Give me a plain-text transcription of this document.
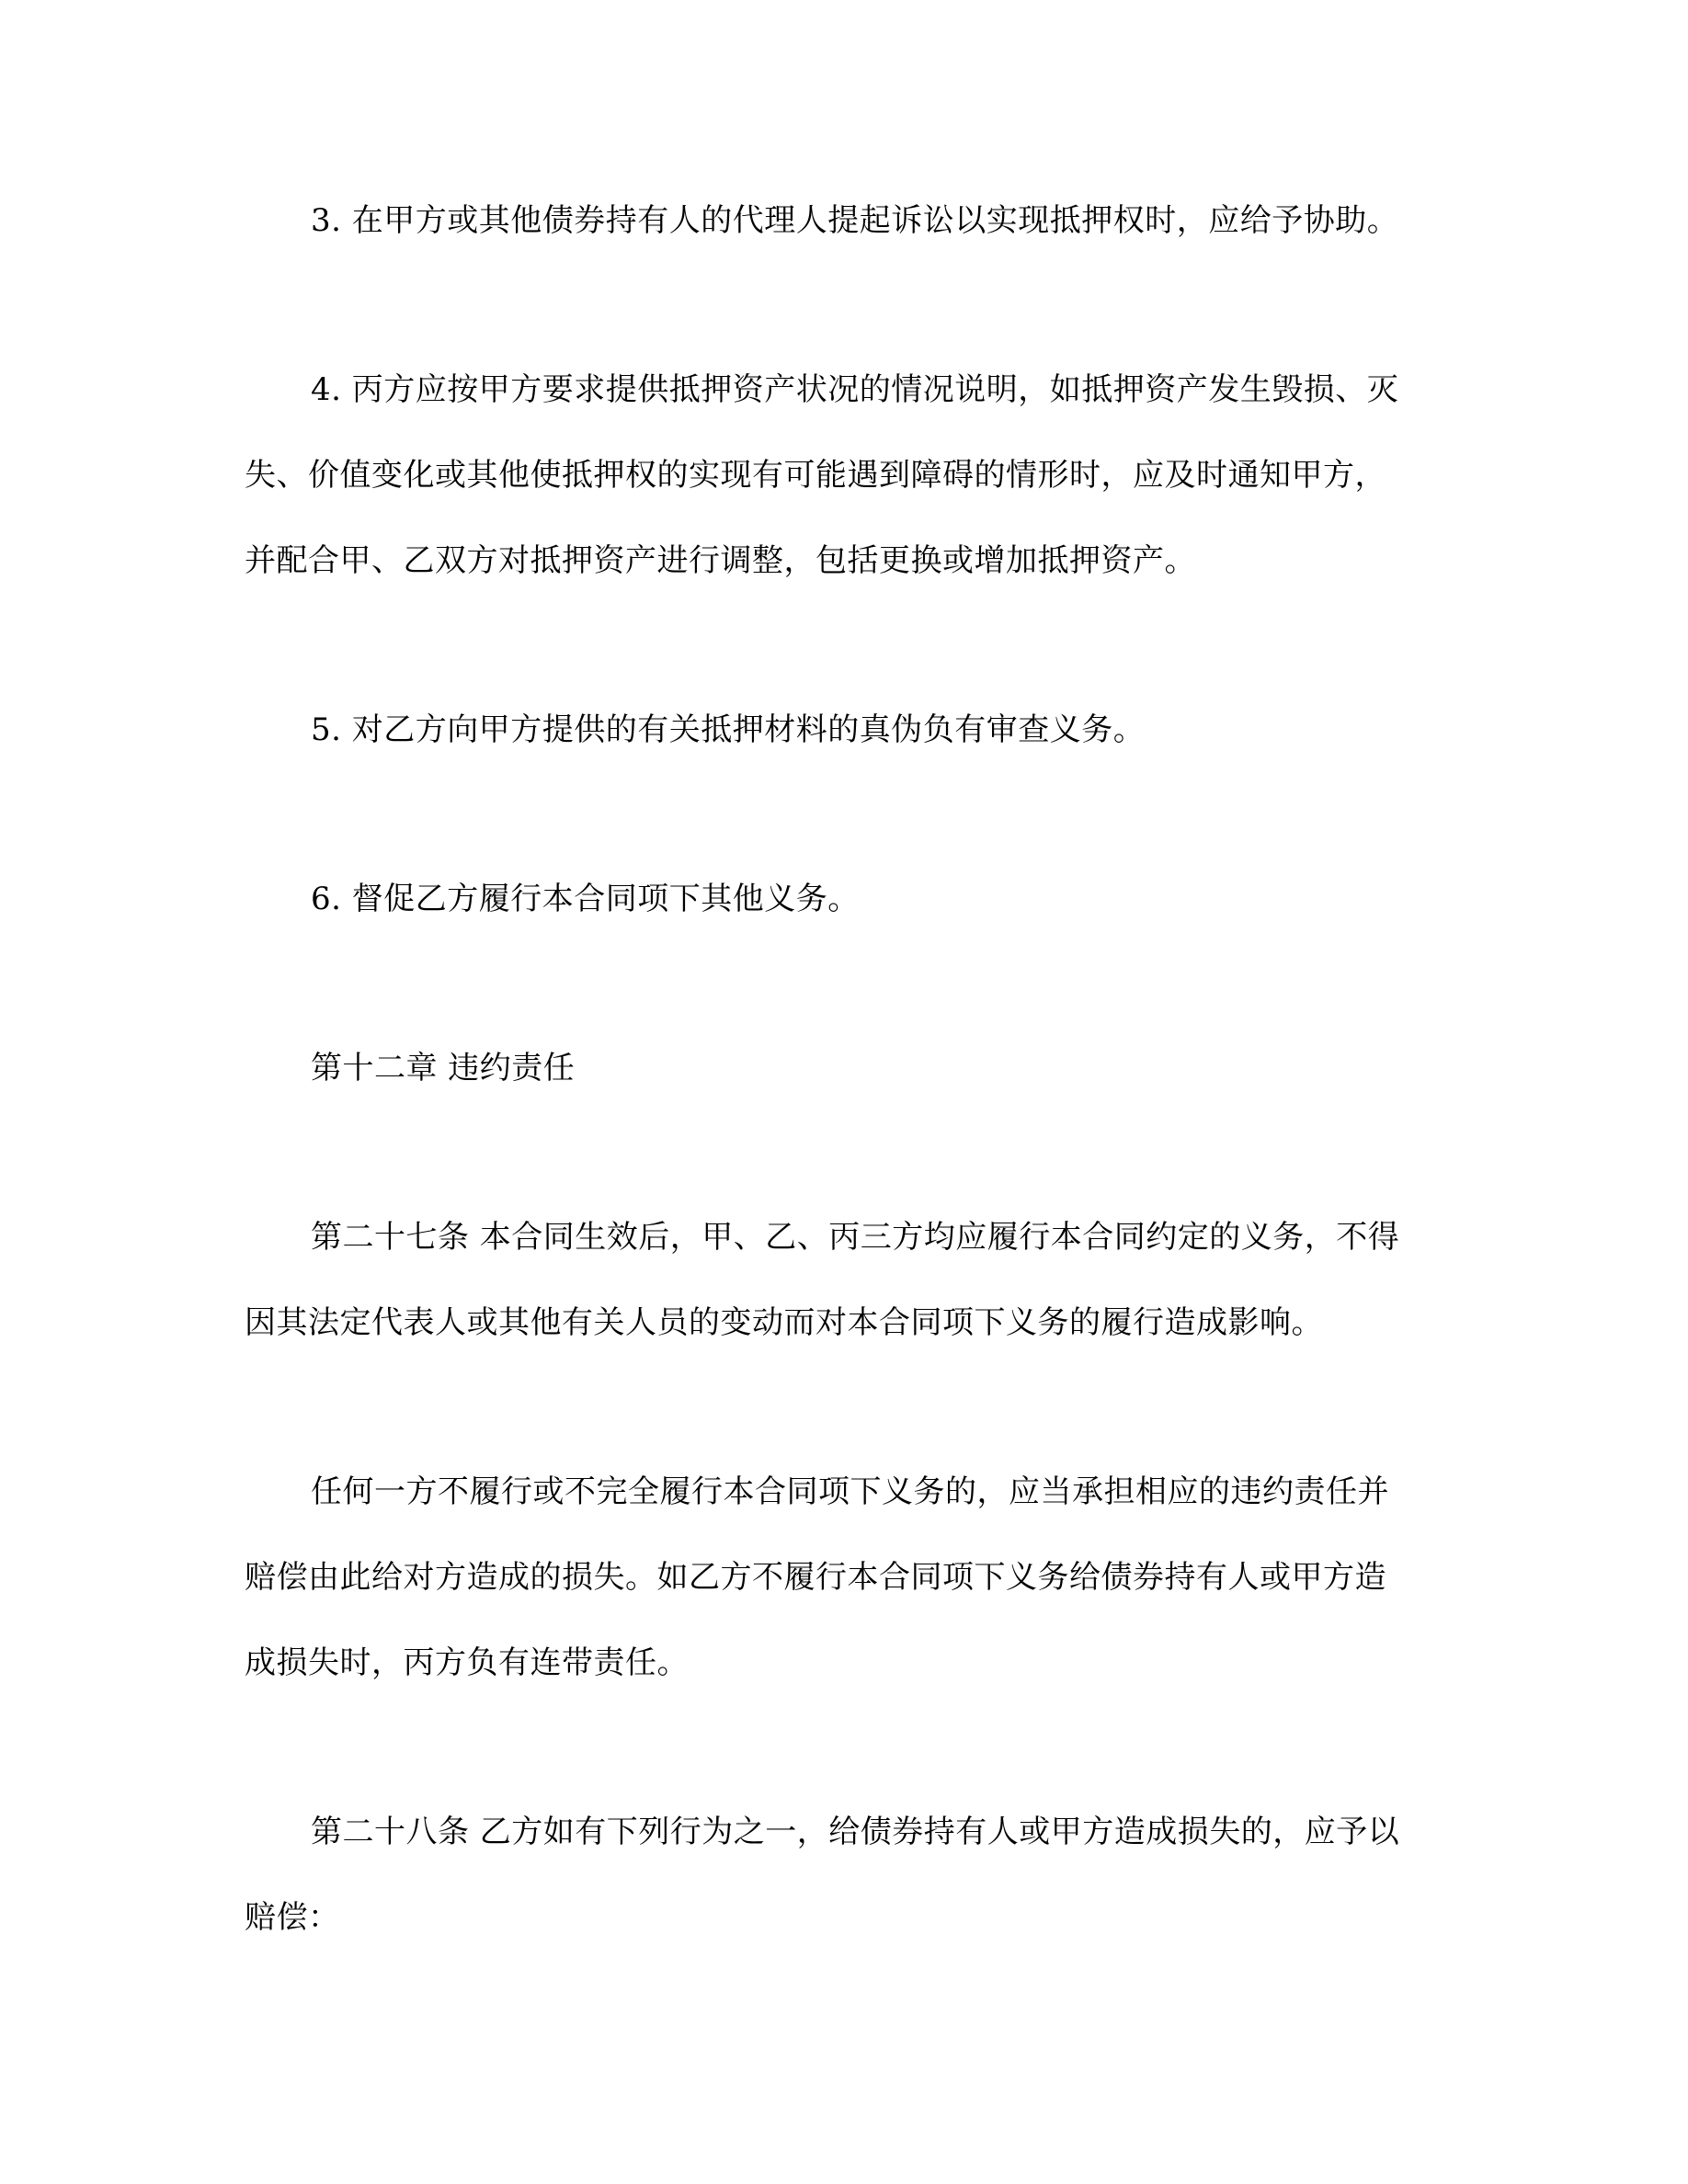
3. 在甲方或其他债券持有人的代理人提起诉讼以实现抵押权时，应给予协助。
4. 丙方应按甲方要求提供抵押资产状况的情况说明，如抵押资产发生毁损、灭
失、价值变化或其他使抵押权的实现有可能遇到障碍的情形时，应及时通知甲方，
并配合甲、乙双方对抵押资产进行调整，包括更换或增加抵押资产。
5. 对乙方向甲方提供的有关抵押材料的真伪负有审查义务。
6. 督促乙方履行本合同项下其他义务。
第十二章 违约责任
第二十七条 本合同生效后，甲、乙、丙三方均应履行本合同约定的义务，不得
因其法定代表人或其他有关人员的变动而对本合同项下义务的履行造成影响。
任何一方不履行或不完全履行本合同项下义务的，应当承担相应的违约责任并
赔偿由此给对方造成的损失。如乙方不履行本合同项下义务给债券持有人或甲方造
成损失时，丙方负有连带责任。
第二十八条 乙方如有下列行为之一，给债券持有人或甲方造成损失的，应予以
赔偿：
